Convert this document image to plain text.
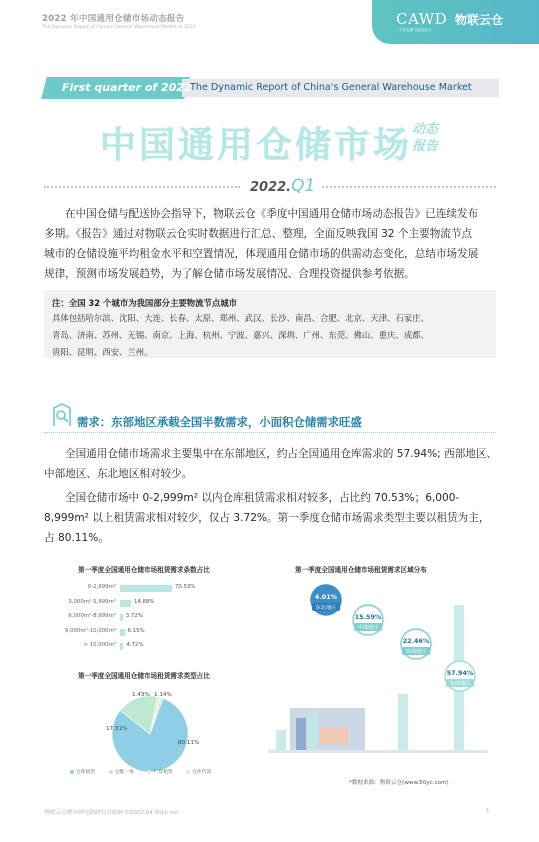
2022 年中国通用仓储市场动态报告
The Dynamic Report of China's General Warehouse Market in 2022	CAWD
中国仓储与配送协会
物联云仓
First quarter of 2022
The Dynamic Report of China's General Warehouse Market
中国通用仓储市场 动态
报告
2022.Q1
在中国仓储与配送协会指导下，物联云仓《季度中国通用仓储市场动态报告》已连续发布
多期。《报告》通过对物联云仓实时数据进行汇总、整理，全面反映我国 32 个主要物流节点
城市的仓储设施平均租金水平和空置情况，体现通用仓储市场的供需动态变化，总结市场发展
规律，预测市场发展趋势，为了解仓储市场发展情况、合理投资提供参考依据。
注：全国 32 个城市为我国部分主要物流节点城市
具体包括哈尔滨、沈阳、大连、长春、太原、郑州、武汉、长沙、南昌、合肥、北京、天津、石家庄、
青岛、济南、苏州、无锡、南京、上海、杭州、宁波、嘉兴、深圳、广州、东莞、佛山、重庆、成都、
贵阳、昆明、西安、兰州。
需求：东部地区承载全国半数需求，小面积仓储需求旺盛
全国通用仓储市场需求主要集中在东部地区，约占全国通用仓库需求的 57.94%; 西部地区、
中部地区、东北地区相对较少。
全国仓储市场中 0-2,999m² 以内仓库租赁需求相对较多，占比约 70.53%；6,000-
8,999m² 以上租赁需求相对较少，仅占 3.72%。第一季度仓储市场需求类型主要以租赁为主，
占 80.11%。
第一季度全国通用仓储市场租赁需求条数占比
0-2,999m²	70.53%
3,000m²-5,999m²	14.88%
6,000m²-8,999m² 3.72%
9,000m²-10,000m² 6.15%
> 10,000m² 4.72%
第一季度全国通用仓储市场租赁需求类型占比
80.11%
17.31%
1.43% 1.14%
仓库租赁	仓配一体	厂房租赁	仓库代管
第一季度全国通用仓储市场租赁需求区域分布
4.01%
东北地区
15.59%
中部地区
22.46%
西部地区
57.94%
东部地区
*数据来源：物联云仓(www.50yc.com)
物联云仓数字研究院研究员绘制 ©2022.04 50yc Inc	1
